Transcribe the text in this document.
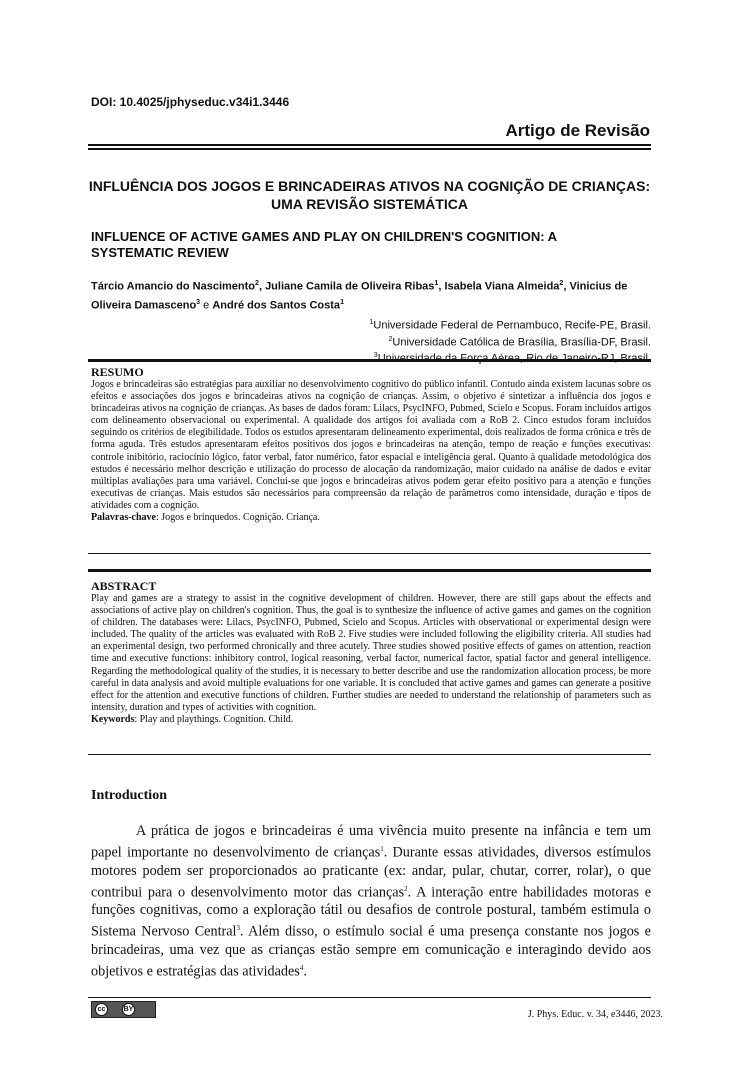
DOI: 10.4025/jphyseduc.v34i1.3446
Artigo de Revisão
INFLUÊNCIA DOS JOGOS E BRINCADEIRAS ATIVOS NA COGNIÇÃO DE CRIANÇAS: UMA REVISÃO SISTEMÁTICA
INFLUENCE OF ACTIVE GAMES AND PLAY ON CHILDREN'S COGNITION: A SYSTEMATIC REVIEW
Tárcio Amancio do Nascimento$^2$, Juliane Camila de Oliveira Ribas$^1$, Isabela Viana Almeida$^2$, Vinicius de Oliveira Damasceno$^3$ e André dos Santos Costa$^1$
$^1$Universidade Federal de Pernambuco, Recife-PE, Brasil.
$^2$Universidade Católica de Brasília, Brasília-DF, Brasil.
$^3$
RESUMO
Jogos e brincadeiras são estratégias para auxiliar no desenvolvimento cognitivo do público infantil. Contudo ainda existem lacunas sobre os efeitos e associações dos jogos e brincadeiras ativos na cognição de crianças. Assim, o objetivo é sintetizar a influência dos jogos e brincadeiras ativos na cognição de crianças. As bases de dados foram: Lilacs, PsycINFO, Pubmed, Scielo e Scopus. Foram incluídos artigos com delineamento observacional ou experimental. A qualidade dos artigos foi avaliada com a RoB 2. Cinco estudos foram incluídos seguindo os critérios de elegibilidade. Todos os estudos apresentaram delineamento experimental, dois realizados de forma crônica e três de forma aguda. Três estudos apresentaram efeitos positivos dos jogos e brincadeiras na atenção, tempo de reação e funções executivas: controle inibitório, raciocínio lógico, fator verbal, fator numérico, fator espacial e inteligência geral. Quanto à qualidade metodológica dos estudos é necessário melhor descrição e utilização do processo de alocação da randomização, maior cuidado na análise de dados e evitar múltiplas avaliações para uma variável. Conclui-se que jogos e brincadeiras ativos podem gerar efeito positivo para a atenção e funções executivas de crianças. Mais estudos são necessários para compreensão da relação de parâmetros como intensidade, duração e tipos de atividades com a cognição.
Palavras-chave: Jogos e brinquedos. Cognição. Criança.
ABSTRACT
Play and games are a strategy to assist in the cognitive development of children. However, there are still gaps about the effects and associations of active play on children's cognition. Thus, the goal is to synthesize the influence of active games and games on the cognition of children. The databases were: Lilacs, PsycINFO, Pubmed, Scielo and Scopus. Articles with observational or experimental design were included. The quality of the articles was evaluated with RoB 2. Five studies were included following the eligibility criteria. All studies had an experimental design, two performed chronically and three acutely. Three studies showed positive effects of games on attention, reaction time and executive functions: inhibitory control, logical reasoning, verbal factor, numerical factor, spatial factor and general intelligence. Regarding the methodological quality of the studies, it is necessary to better describe and use the randomization allocation process, be more careful in data analysis and avoid multiple evaluations for one variable. It is concluded that active games and games can generate a positive effect for the attention and executive functions of children. Further studies are needed to understand the relationship of parameters such as intensity, duration and types of activities with cognition.
Keywords: Play and playthings. Cognition. Child.
Introduction
A prática de jogos e brincadeiras é uma vivência muito presente na infância e tem um papel importante no desenvolvimento de crianças$^1$. Durante essas atividades, diversos estímulos motores podem ser proporcionados ao praticante (ex: andar, pular, chutar, correr, rolar), o que contribui para o desenvolvimento motor das crianças$^2$. A interação entre habilidades motoras e funções cognitivas, como a exploração tátil ou desafios de controle postural, também estimula o Sistema Nervoso Central$^3$. Além disso, o estímulo social é uma presença constante nos jogos e brincadeiras, uma vez que as crianças estão sempre em comunicação e interagindo devido aos objetivos e estratégias das atividades$^4$.
cc	BY	J. Phys. Educ. v. 34, e3446, 2023.
